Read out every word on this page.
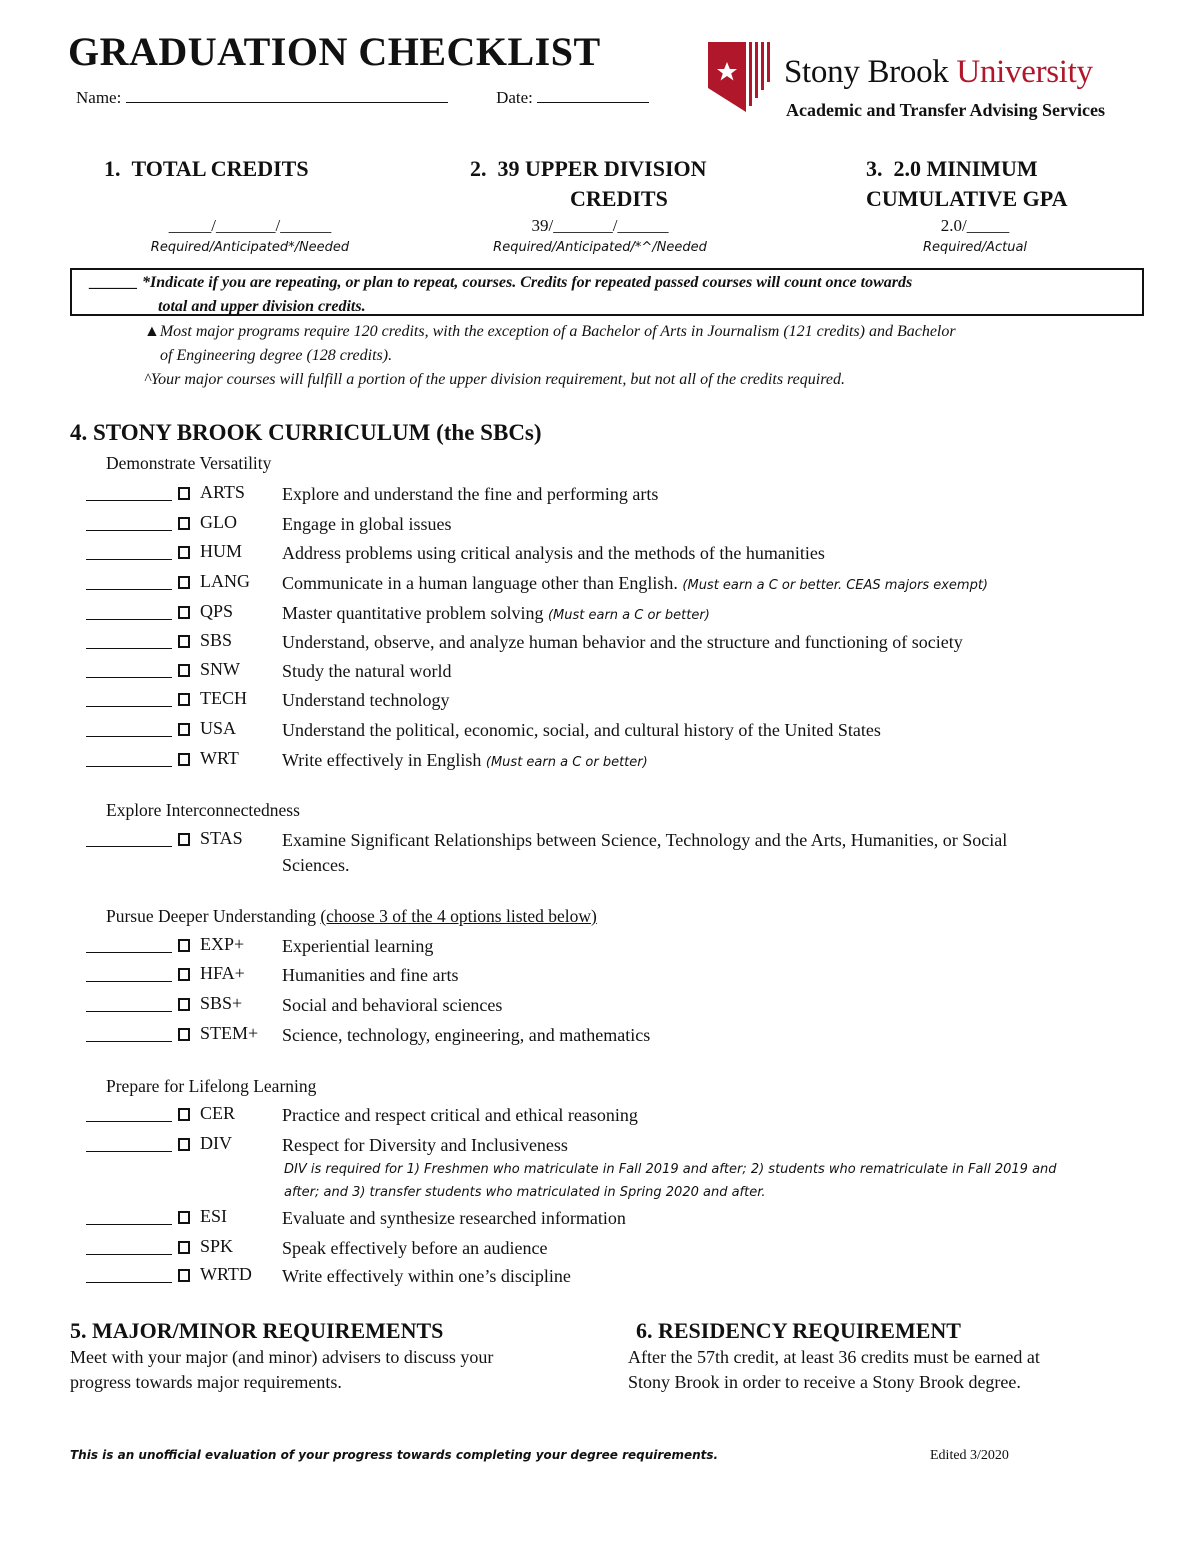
GRADUATION CHECKLIST
Name:	Date:
Stony Brook University
Academic and Transfer Advising Services
1. TOTAL CREDITS
_____/_______/______
Required/Anticipated*/Needed
2. 39 UPPER DIVISION
CREDITS
39/_______/______
Required/Anticipated/*^/Needed
3. 2.0 MINIMUM
CUMULATIVE GPA
2.0/_____
Required/Actual
______ *Indicate if you are repeating, or plan to repeat, courses. Credits for repeated passed courses will count once towards
total and upper division credits.
▲Most major programs require 120 credits, with the exception of a Bachelor of Arts in Journalism (121 credits) and Bachelor
of Engineering degree (128 credits).
^Your major courses will fulfill a portion of the upper division requirement, but not all of the credits required.
4. STONY BROOK CURRICULUM (the SBCs)
Demonstrate Versatility
ARTS Explore and understand the fine and performing arts
GLO	Engage in global issues
HUM Address problems using critical analysis and the methods of the humanities
LANG Communicate in a human language other than English. (Must earn a C or better. CEAS majors exempt)
QPS	Master quantitative problem solving (Must earn a C or better)
SBS	Understand, observe, and analyze human behavior and the structure and functioning of society
SNW Study the natural world
TECH Understand technology
USA	Understand the political, economic, social, and cultural history of the United States
WRT Write effectively in English (Must earn a C or better)
Explore Interconnectedness
STAS Examine Significant Relationships between Science, Technology and the Arts, Humanities, or Social
Sciences.
Pursue Deeper Understanding (choose 3 of the 4 options listed below)
EXP+ Experiential learning
HFA+ Humanities and fine arts
SBS+ Social and behavioral sciences
STEM+ Science, technology, engineering, and mathematics
Prepare for Lifelong Learning
CER	Practice and respect critical and ethical reasoning
DIV	Respect for Diversity and Inclusiveness
DIV is required for 1) Freshmen who matriculate in Fall 2019 and after; 2) students who rematriculate in Fall 2019 and
after; and 3) transfer students who matriculated in Spring 2020 and after.
ESI	Evaluate and synthesize researched information
SPK	Speak effectively before an audience
WRTD Write effectively within one’s discipline
5. MAJOR/MINOR REQUIREMENTS
Meet with your major (and minor) advisers to discuss your
progress towards major requirements.
6. RESIDENCY REQUIREMENT
After the 57th credit, at least 36 credits must be earned at
Stony Brook in order to receive a Stony Brook degree.
This is an unofficial evaluation of your progress towards completing your degree requirements.	Edited 3/2020
